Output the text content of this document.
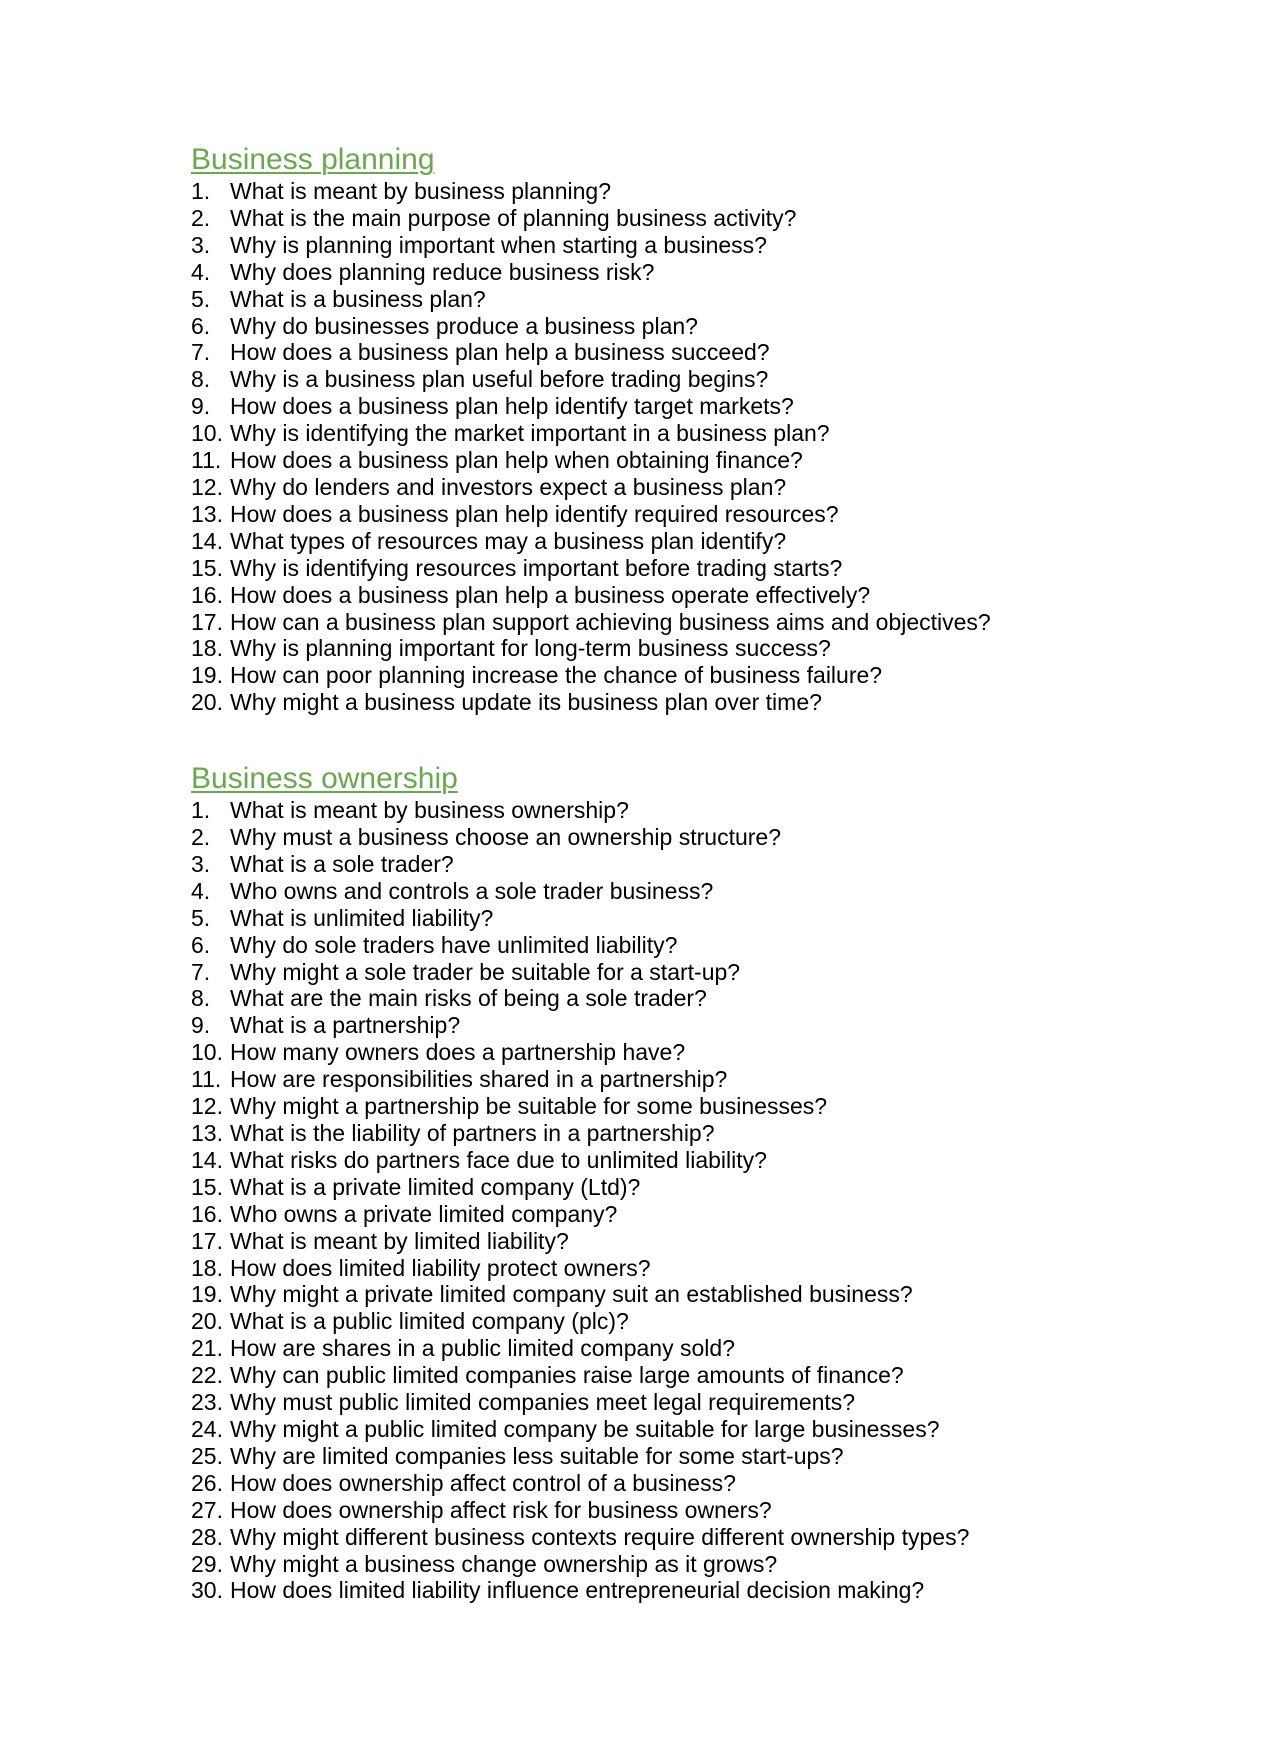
Business planning
1. What is meant by business planning?
2. What is the main purpose of planning business activity?
3. Why is planning important when starting a business?
4. Why does planning reduce business risk?
5. What is a business plan?
6. Why do businesses produce a business plan?
7. How does a business plan help a business succeed?
8. Why is a business plan useful before trading begins?
9. How does a business plan help identify target markets?
10. Why is identifying the market important in a business plan?
11. How does a business plan help when obtaining finance?
12. Why do lenders and investors expect a business plan?
13. How does a business plan help identify required resources?
14. What types of resources may a business plan identify?
15. Why is identifying resources important before trading starts?
16. How does a business plan help a business operate effectively?
17. How can a business plan support achieving business aims and objectives?
18. Why is planning important for long-term business success?
19. How can poor planning increase the chance of business failure?
20. Why might a business update its business plan over time?
Business ownership
1. What is meant by business ownership?
2. Why must a business choose an ownership structure?
3. What is a sole trader?
4. Who owns and controls a sole trader business?
5. What is unlimited liability?
6. Why do sole traders have unlimited liability?
7. Why might a sole trader be suitable for a start-up?
8. What are the main risks of being a sole trader?
9. What is a partnership?
10. How many owners does a partnership have?
11. How are responsibilities shared in a partnership?
12. Why might a partnership be suitable for some businesses?
13. What is the liability of partners in a partnership?
14. What risks do partners face due to unlimited liability?
15. What is a private limited company (Ltd)?
16. Who owns a private limited company?
17. What is meant by limited liability?
18. How does limited liability protect owners?
19. Why might a private limited company suit an established business?
20. What is a public limited company (plc)?
21. How are shares in a public limited company sold?
22. Why can public limited companies raise large amounts of finance?
23. Why must public limited companies meet legal requirements?
24. Why might a public limited company be suitable for large businesses?
25. Why are limited companies less suitable for some start-ups?
26. How does ownership affect control of a business?
27. How does ownership affect risk for business owners?
28. Why might different business contexts require different ownership types?
29. Why might a business change ownership as it grows?
30. How does limited liability influence entrepreneurial decision making?
